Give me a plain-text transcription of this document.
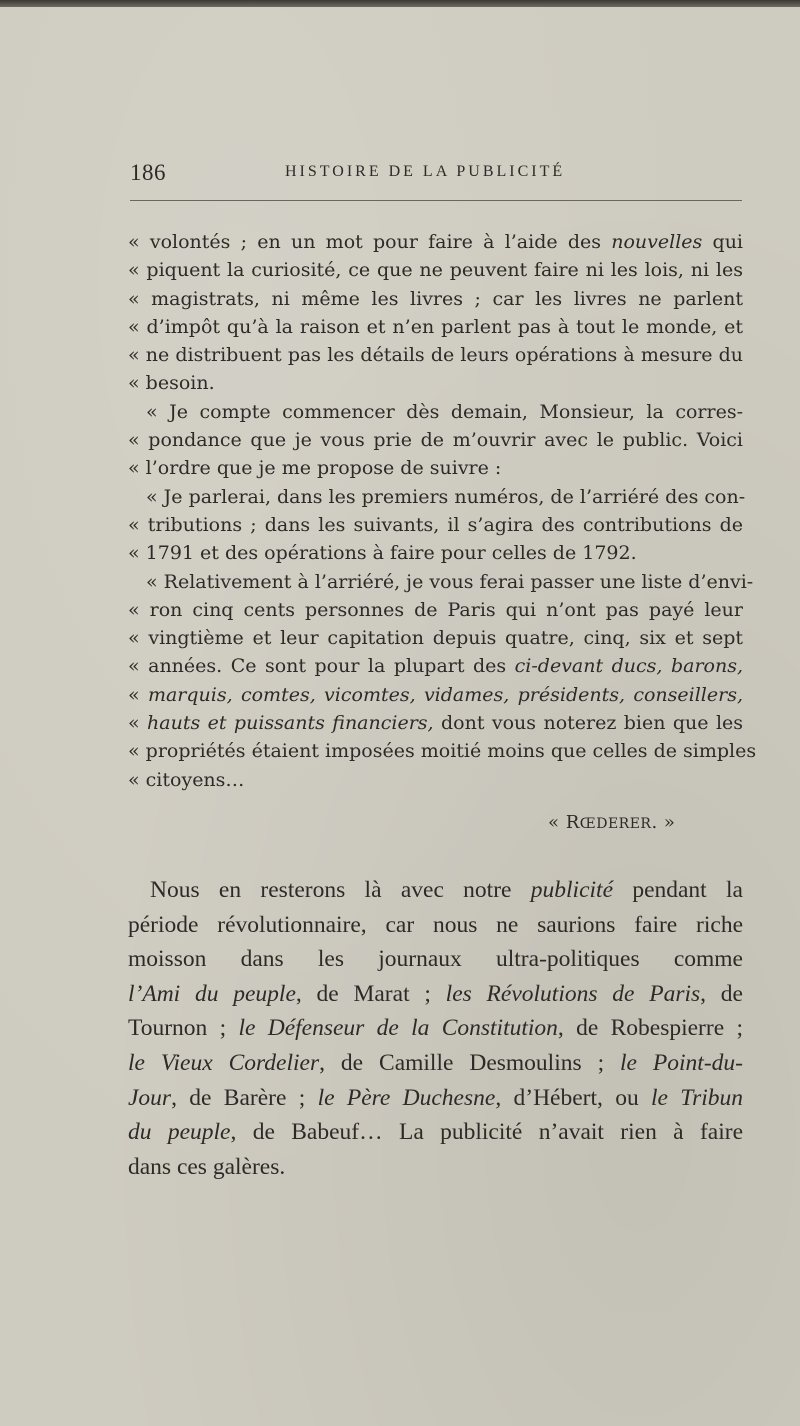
186	HISTOIRE DE LA PUBLICITÉ
« volontés ; en un mot pour faire à l’aide des nouvelles qui
« piquent la curiosité, ce que ne peuvent faire ni les lois, ni les
« magistrats, ni même les livres ; car les livres ne parlent
« d’impôt qu’à la raison et n’en parlent pas à tout le monde, et
« ne distribuent pas les détails de leurs opérations à mesure du
« besoin.
« Je compte commencer dès demain, Monsieur, la corres-
« pondance que je vous prie de m’ouvrir avec le public. Voici
« l’ordre que je me propose de suivre :
« Je parlerai, dans les premiers numéros, de l’arriéré des con-
« tributions ; dans les suivants, il s’agira des contributions de
« 1791 et des opérations à faire pour celles de 1792.
« Relativement à l’arriéré, je vous ferai passer une liste d’envi-
« ron cinq cents personnes de Paris qui n’ont pas payé leur
« vingtième et leur capitation depuis quatre, cinq, six et sept
« années. Ce sont pour la plupart des ci-devant ducs, barons,
« marquis, comtes, vicomtes, vidames, présidents, conseillers,
« hauts et puissants financiers, dont vous noterez bien que les
« propriétés étaient imposées moitié moins que celles de simples
« citoyens…
« RŒDERER. »
Nous en resterons là avec notre publicité pendant la
période révolutionnaire, car nous ne saurions faire riche
moisson dans les journaux ultra-politiques comme
l’Ami du peuple, de Marat ; les Révolutions de Paris, de
Tournon ; le Défenseur de la Constitution, de Robespierre ;
le Vieux Cordelier, de Camille Desmoulins ; le Point-du-
Jour, de Barère ; le Père Duchesne, d’Hébert, ou le Tribun
du peuple, de Babeuf… La publicité n’avait rien à faire
dans ces galères.
